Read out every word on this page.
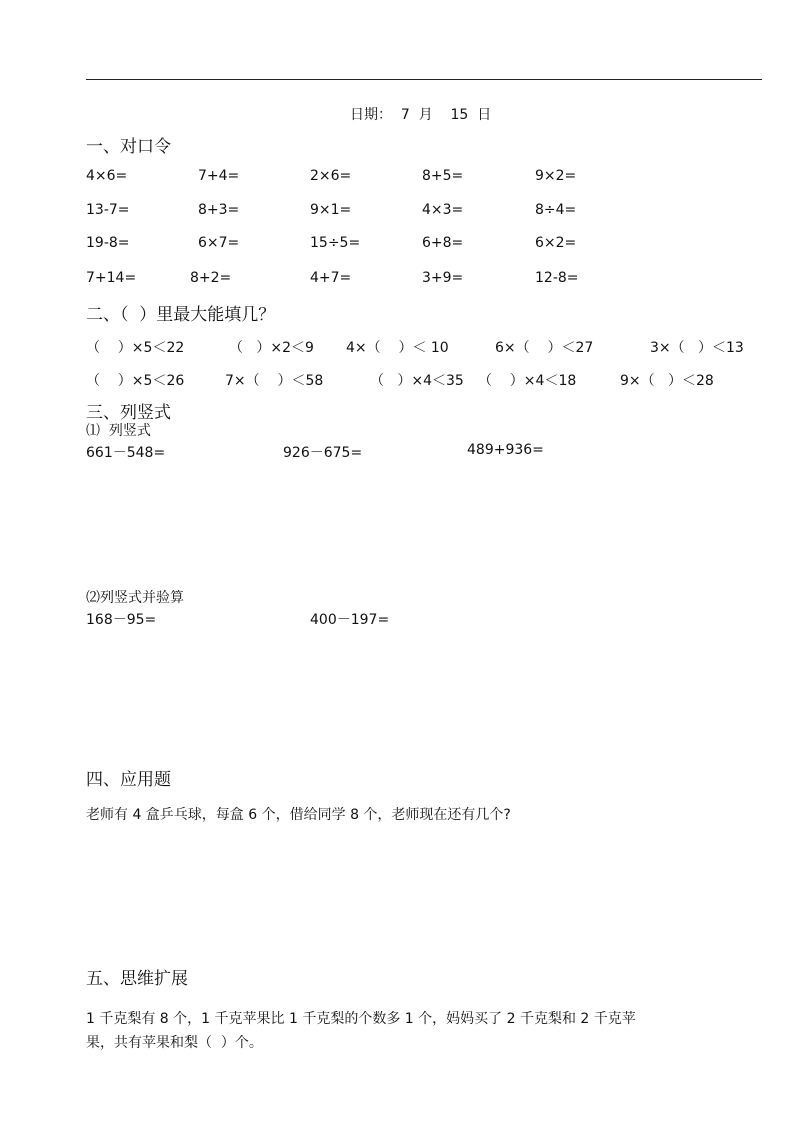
日期：  7  月    15  日
一、对口令
4×6=	7+4=	2×6=	8+5=	9×2=
13-7=	8+3=	9×1=	4×3=	8÷4=
19-8=	6×7=	15÷5=	6+8=	6×2=
7+14=	8+2=	4+7=	3+9=	12-8=
二、（  ）里最大能填几？
（    ）×5＜22	（   ）×2＜9 4×（    ）＜ 10	6×（    ）＜27	3×（   ）＜13
（    ）×5＜26	7×（    ）＜58	（   ）×4＜35 （    ）×4＜18	9×（   ）＜28
三、列竖式
⑴  列竖式
661－548=	926－675=	489+936=
⑵列竖式并验算
168－95=	400－197=
四、应用题
老师有 4 盒乒乓球，每盒 6 个，借给同学 8 个，老师现在还有几个?
五、思维扩展
1 千克梨有 8 个，1 千克苹果比 1 千克梨的个数多 1 个，妈妈买了 2 千克梨和 2 千克苹
果，共有苹果和梨（  ）个。
